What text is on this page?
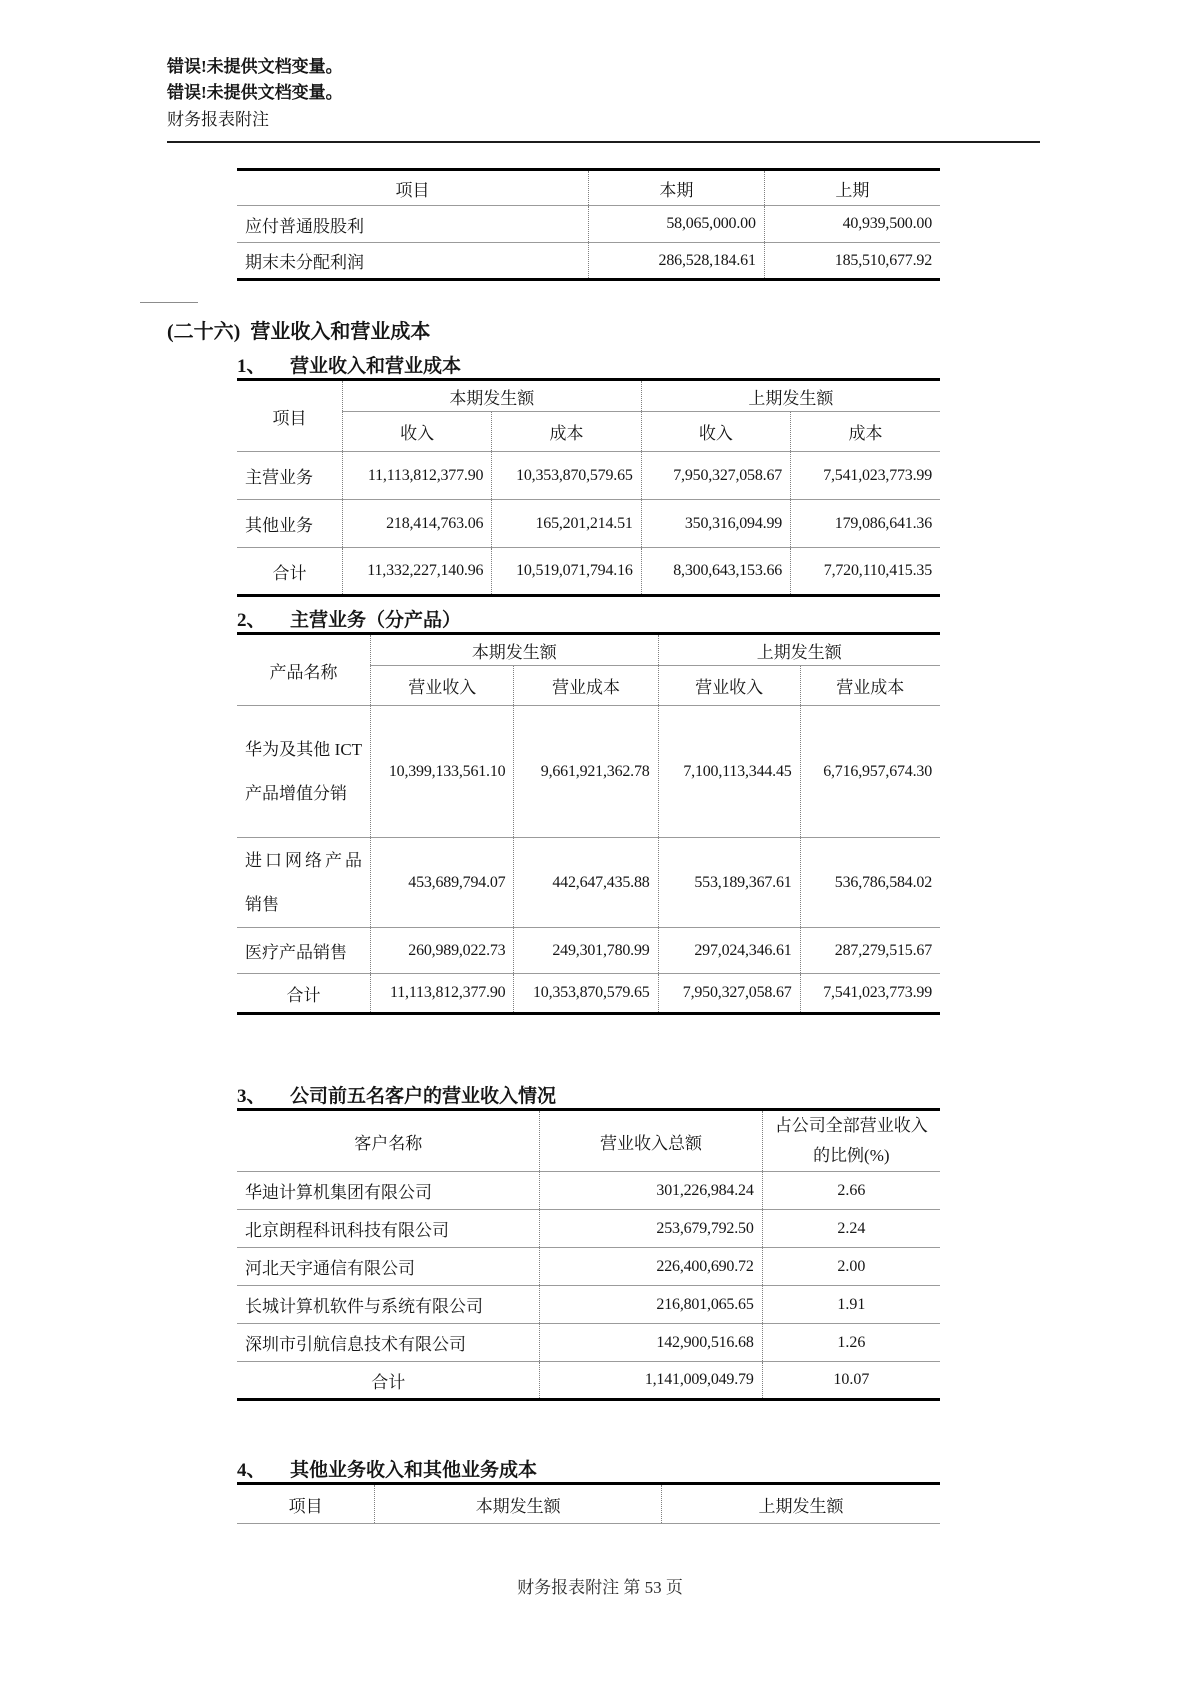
错误!未提供文档变量。
错误!未提供文档变量。
财务报表附注
项目	本期	上期
应付普通股股利	58,065,000.00	40,939,500.00
期末未分配利润	286,528,184.61	185,510,677.92
(二十六) 营业收入和营业成本
1、 营业收入和营业成本
项目	本期发生额		上期发生额	
	收入	成本	收入	成本
主营业务	11,113,812,377.90	10,353,870,579.65	7,950,327,058.67	7,541,023,773.99
其他业务	218,414,763.06	165,201,214.51	350,316,094.99	179,086,641.36
合计	11,332,227,140.96	10,519,071,794.16	8,300,643,153.66	7,720,110,415.35
2、 主营业务（分产品）
产品名称	本期发生额		上期发生额	
	营业收入	营业成本	营业收入	营业成本
华为及其他 ICT 产品增值分销	10,399,133,561.10	9,661,921,362.78	7,100,113,344.45	6,716,957,674.30
进口网络产品销售	453,689,794.07	442,647,435.88	553,189,367.61	536,786,584.02
医疗产品销售	260,989,022.73	249,301,780.99	297,024,346.61	287,279,515.67
合计	11,113,812,377.90	10,353,870,579.65	7,950,327,058.67	7,541,023,773.99
3、 公司前五名客户的营业收入情况
客户名称	营业收入总额	占公司全部营业收入的比例(%)
华迪计算机集团有限公司	301,226,984.24	2.66
北京朗程科讯科技有限公司	253,679,792.50	2.24
河北天宇通信有限公司	226,400,690.72	2.00
长城计算机软件与系统有限公司	216,801,065.65	1.91
深圳市引航信息技术有限公司	142,900,516.68	1.26
合计	1,141,009,049.79	10.07
4、 其他业务收入和其他业务成本
项目	本期发生额	上期发生额
财务报表附注 第 53 页
